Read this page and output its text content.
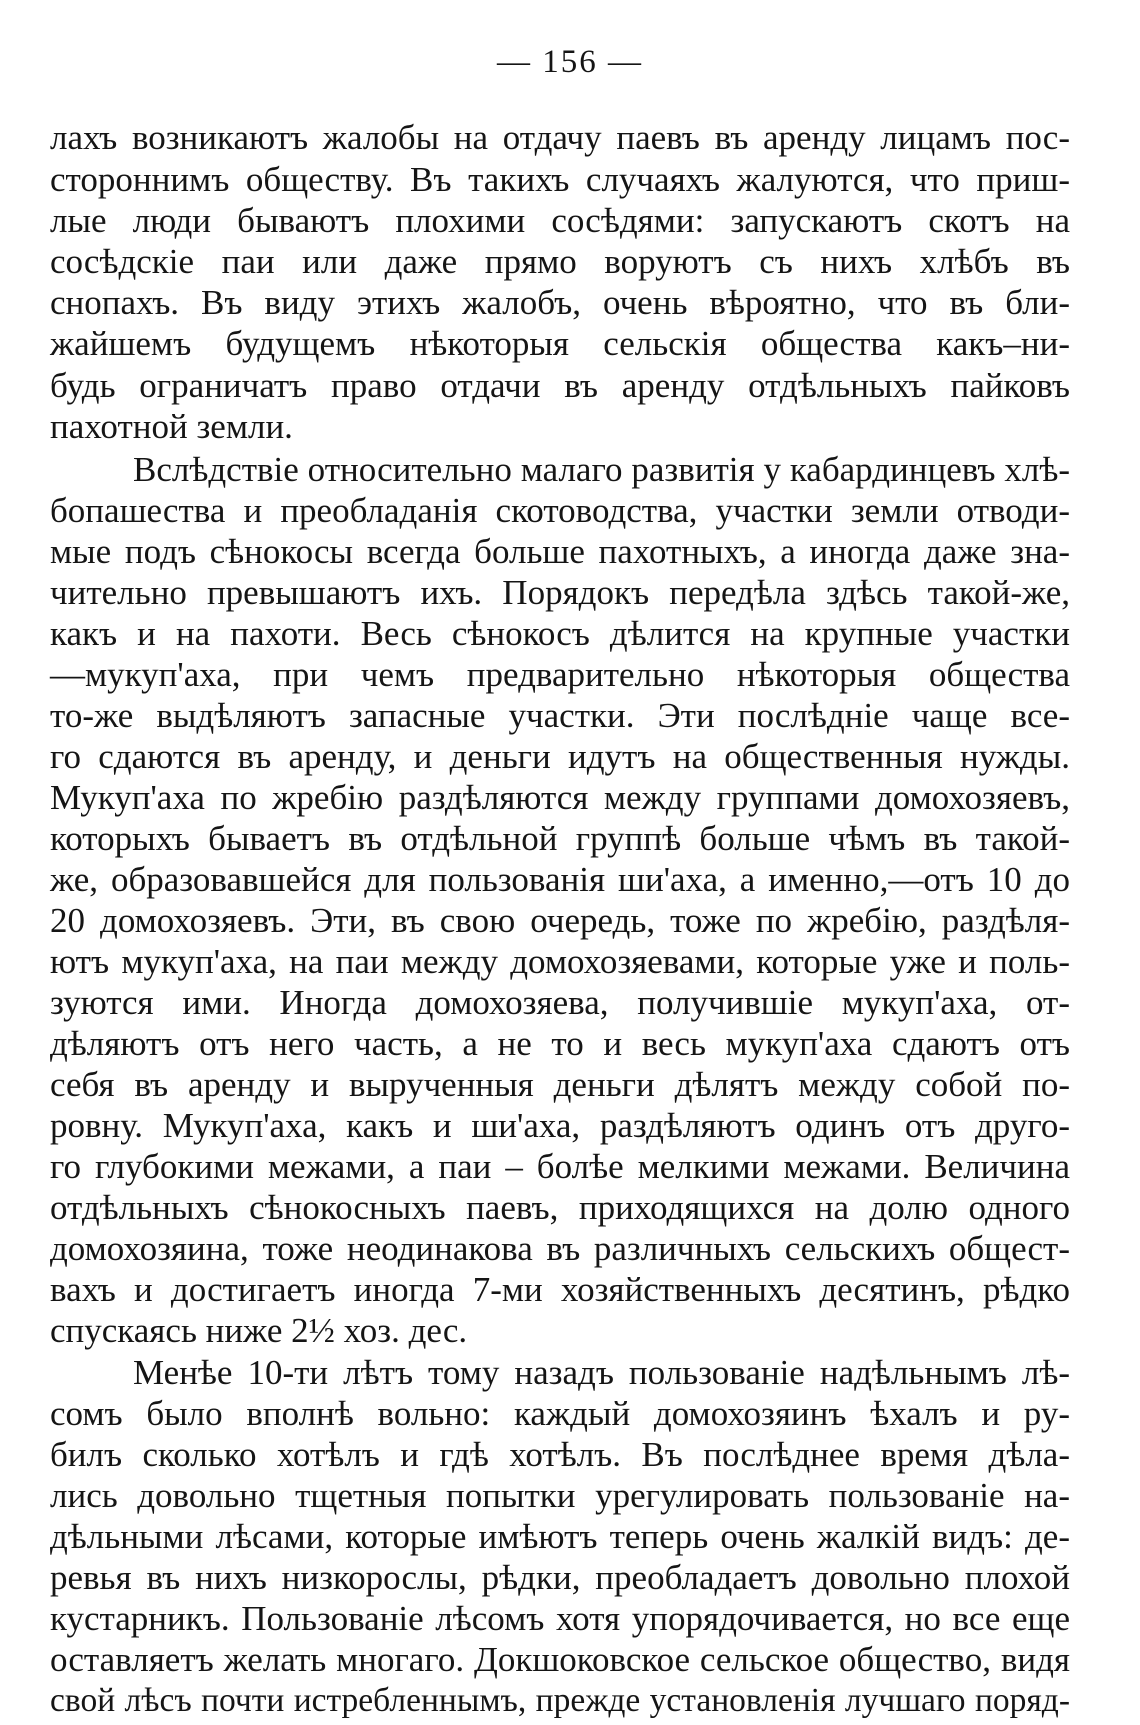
— 156 —
лахъ возникаютъ жалобы на отдачу паевъ въ аренду лицамъ пос-
стороннимъ обществу. Въ такихъ случаяхъ жалуются, что приш-
лые люди бываютъ плохими сосѣдями: запускаютъ скотъ на
сосѣдскіе паи или даже прямо воруютъ съ нихъ хлѣбъ въ
снопахъ. Въ виду этихъ жалобъ, очень вѣроятно, что въ бли-
жайшемъ будущемъ нѣкоторыя сельскія общества какъ–ни-
будь ограничатъ право отдачи въ аренду отдѣльныхъ пайковъ
пахотной земли.
Вслѣдствіе относительно малаго развитія у кабардинцевъ хлѣ-
бопашества и преобладанія скотоводства, участки земли отводи-
мые подъ сѣнокосы всегда больше пахотныхъ, а иногда даже зна-
чительно превышаютъ ихъ. Порядокъ передѣла здѣсь такой-же,
какъ и на пахоти. Весь сѣнокосъ дѣлится на крупные участки
—мукуп'аха, при чемъ предварительно нѣкоторыя общества
то-же выдѣляютъ запасные участки. Эти послѣдніе чаще все-
го сдаются въ аренду, и деньги идутъ на общественныя нужды.
Мукуп'аха по жребію раздѣляются между группами домохозяевъ,
которыхъ бываетъ въ отдѣльной группѣ больше чѣмъ въ такой-
же, образовавшейся для пользованія ши'аха, а именно,—отъ 10 до
20 домохозяевъ. Эти, въ свою очередь, тоже по жребію, раздѣля-
ютъ мукуп'аха, на паи между домохозяевами, которые уже и поль-
зуются ими. Иногда домохозяева, получившіе мукуп'аха, от-
дѣляютъ отъ него часть, а не то и весь мукуп'аха сдаютъ отъ
себя въ аренду и вырученныя деньги дѣлятъ между собой по-
ровну. Мукуп'аха, какъ и ши'аха, раздѣляютъ одинъ отъ друго-
го глубокими межами, а паи – болѣе мелкими межами. Величина
отдѣльныхъ сѣнокосныхъ паевъ, приходящихся на долю одного
домохозяина, тоже неодинакова въ различныхъ сельскихъ общест-
вахъ и достигаетъ иногда 7-ми хозяйственныхъ десятинъ, рѣдко
спускаясь ниже 2½ хоз. дес.
Менѣе 10-ти лѣтъ тому назадъ пользованіе надѣльнымъ лѣ-
сомъ было вполнѣ вольно: каждый домохозяинъ ѣхалъ и ру-
билъ сколько хотѣлъ и гдѣ хотѣлъ. Въ послѣднее время дѣла-
лись довольно тщетныя попытки урегулировать пользованіе на-
дѣльными лѣсами, которые имѣютъ теперь очень жалкій видъ: де-
ревья въ нихъ низкорослы, рѣдки, преобладаетъ довольно плохой
кустарникъ. Пользованіе лѣсомъ хотя упорядочивается, но все еще
оставляетъ желать многаго. Докшоковское сельское общество, видя
свой лѣсъ почти истребленнымъ, прежде установленія лучшаго поряд-
